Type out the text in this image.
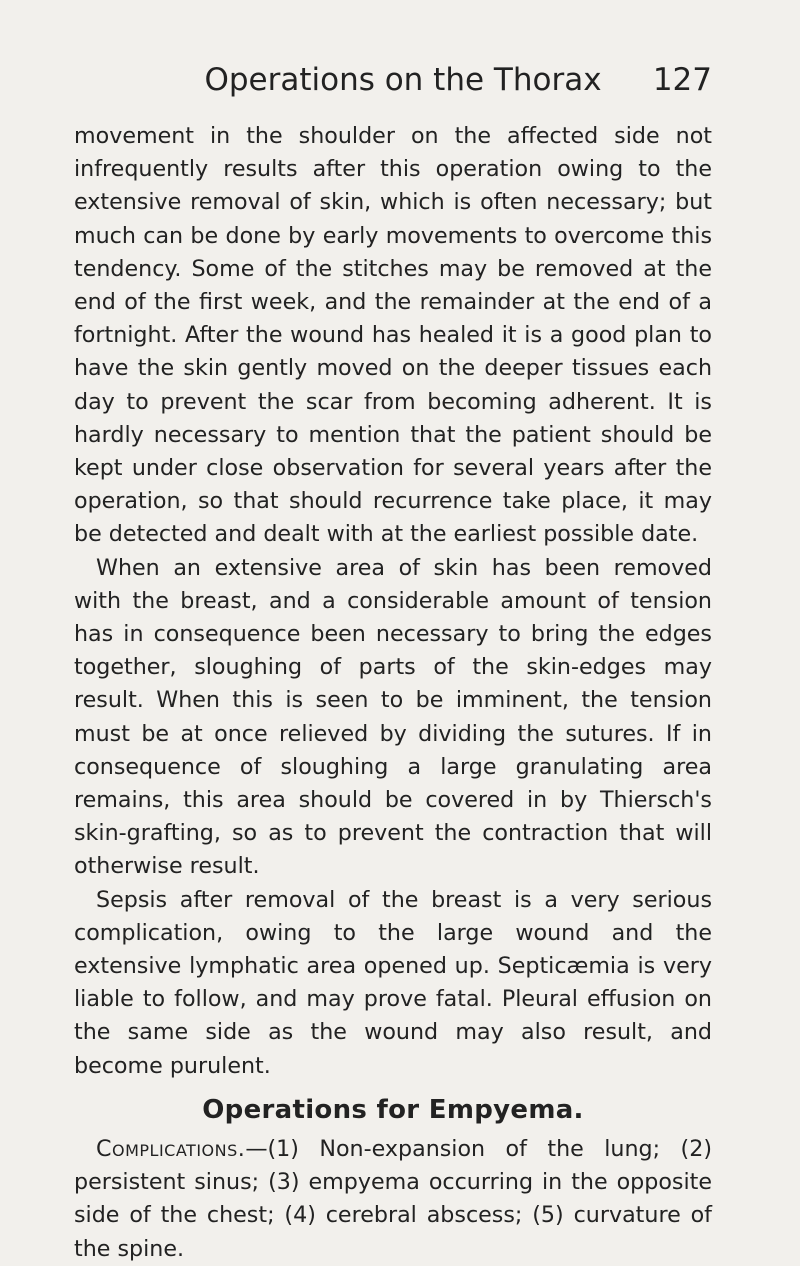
Operations on the Thorax	127

movement in the shoulder on the affected side not infrequently results after this operation owing to the extensive removal of skin, which is often necessary; but much can be done by early movements to overcome this tendency. Some of the stitches may be removed at the end of the first week, and the remainder at the end of a fortnight. After the wound has healed it is a good plan to have the skin gently moved on the deeper tissues each day to prevent the scar from becoming adherent. It is hardly necessary to mention that the patient should be kept under close observation for several years after the operation, so that should recurrence take place, it may be detected and dealt with at the earliest possible date.

When an extensive area of skin has been removed with the breast, and a considerable amount of tension has in consequence been necessary to bring the edges together, sloughing of parts of the skin-edges may result. When this is seen to be imminent, the tension must be at once relieved by dividing the sutures. If in consequence of sloughing a large granulating area remains, this area should be covered in by Thiersch's skin-grafting, so as to prevent the contraction that will otherwise result.

Sepsis after removal of the breast is a very serious complication, owing to the large wound and the extensive lymphatic area opened up. Septicæmia is very liable to follow, and may prove fatal. Pleural effusion on the same side as the wound may also result, and become purulent.

Operations for Empyema.

Complications.—(1) Non-expansion of the lung; (2) persistent sinus; (3) empyema occurring in the opposite side of the chest; (4) cerebral abscess; (5) curvature of the spine.
